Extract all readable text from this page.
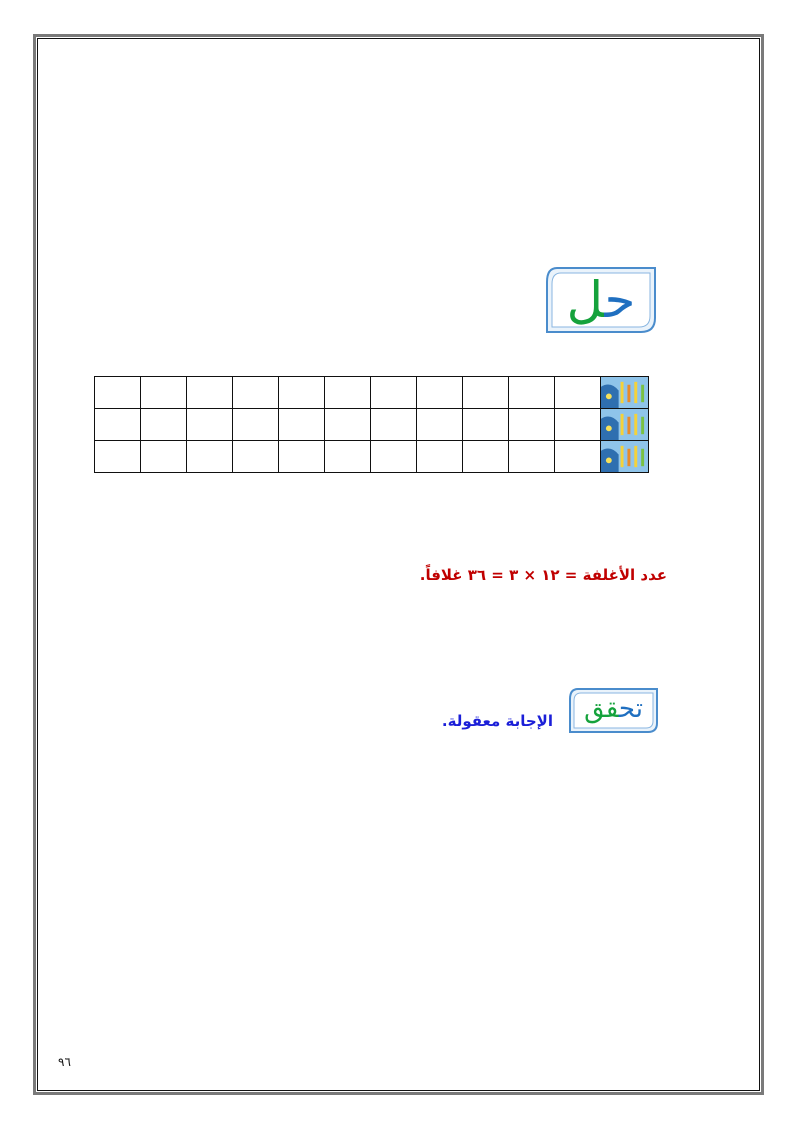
حل

عدد الأغلفة = ١٢ × ٣ = ٣٦ غلافاً.
تحقق
الإجابة معقولة.
٩٦
